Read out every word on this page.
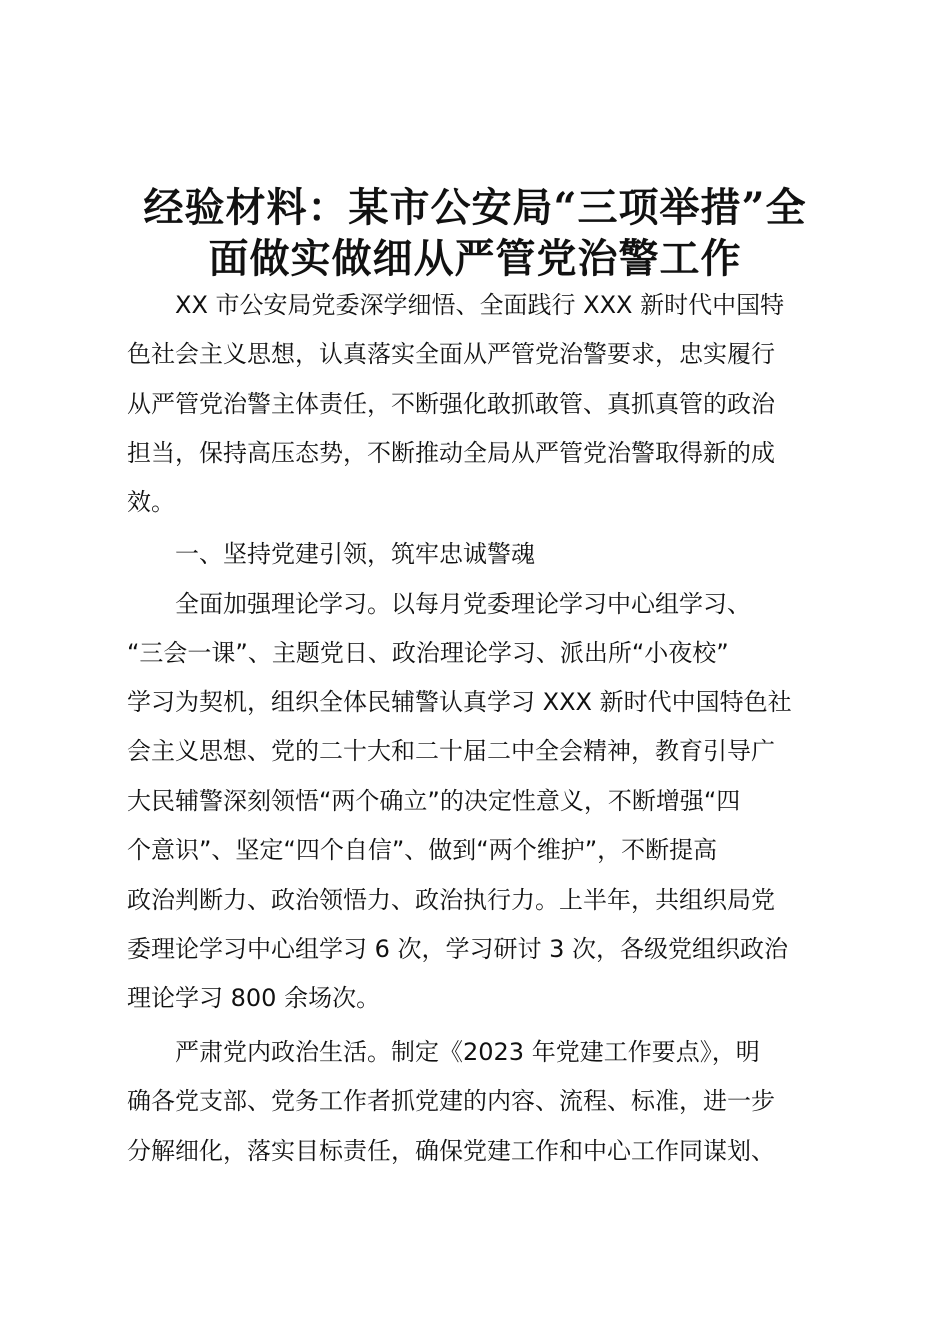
经验材料：某市公安局“三项举措”全
面做实做细从严管党治警工作
　　XX 市公安局党委深学细悟、全面践行 XXX 新时代中国特
色社会主义思想，认真落实全面从严管党治警要求，忠实履行
从严管党治警主体责任，不断强化敢抓敢管、真抓真管的政治
担当，保持高压态势，不断推动全局从严管党治警取得新的成
效。
　　一、坚持党建引领，筑牢忠诚警魂
　　全面加强理论学习。以每月党委理论学习中心组学习、
“三会一课”、主题党日、政治理论学习、派出所“小夜校”
学习为契机，组织全体民辅警认真学习 XXX 新时代中国特色社
会主义思想、党的二十大和二十届二中全会精神，教育引导广
大民辅警深刻领悟“两个确立”的决定性意义，不断增强“四
个意识”、坚定“四个自信”、做到“两个维护”，不断提高
政治判断力、政治领悟力、政治执行力。上半年，共组织局党
委理论学习中心组学习 6 次，学习研讨 3 次，各级党组织政治
理论学习 800 余场次。
　　严肃党内政治生活。制定《2023 年党建工作要点》，明
确各党支部、党务工作者抓党建的内容、流程、标准，进一步
分解细化，落实目标责任，确保党建工作和中心工作同谋划、
